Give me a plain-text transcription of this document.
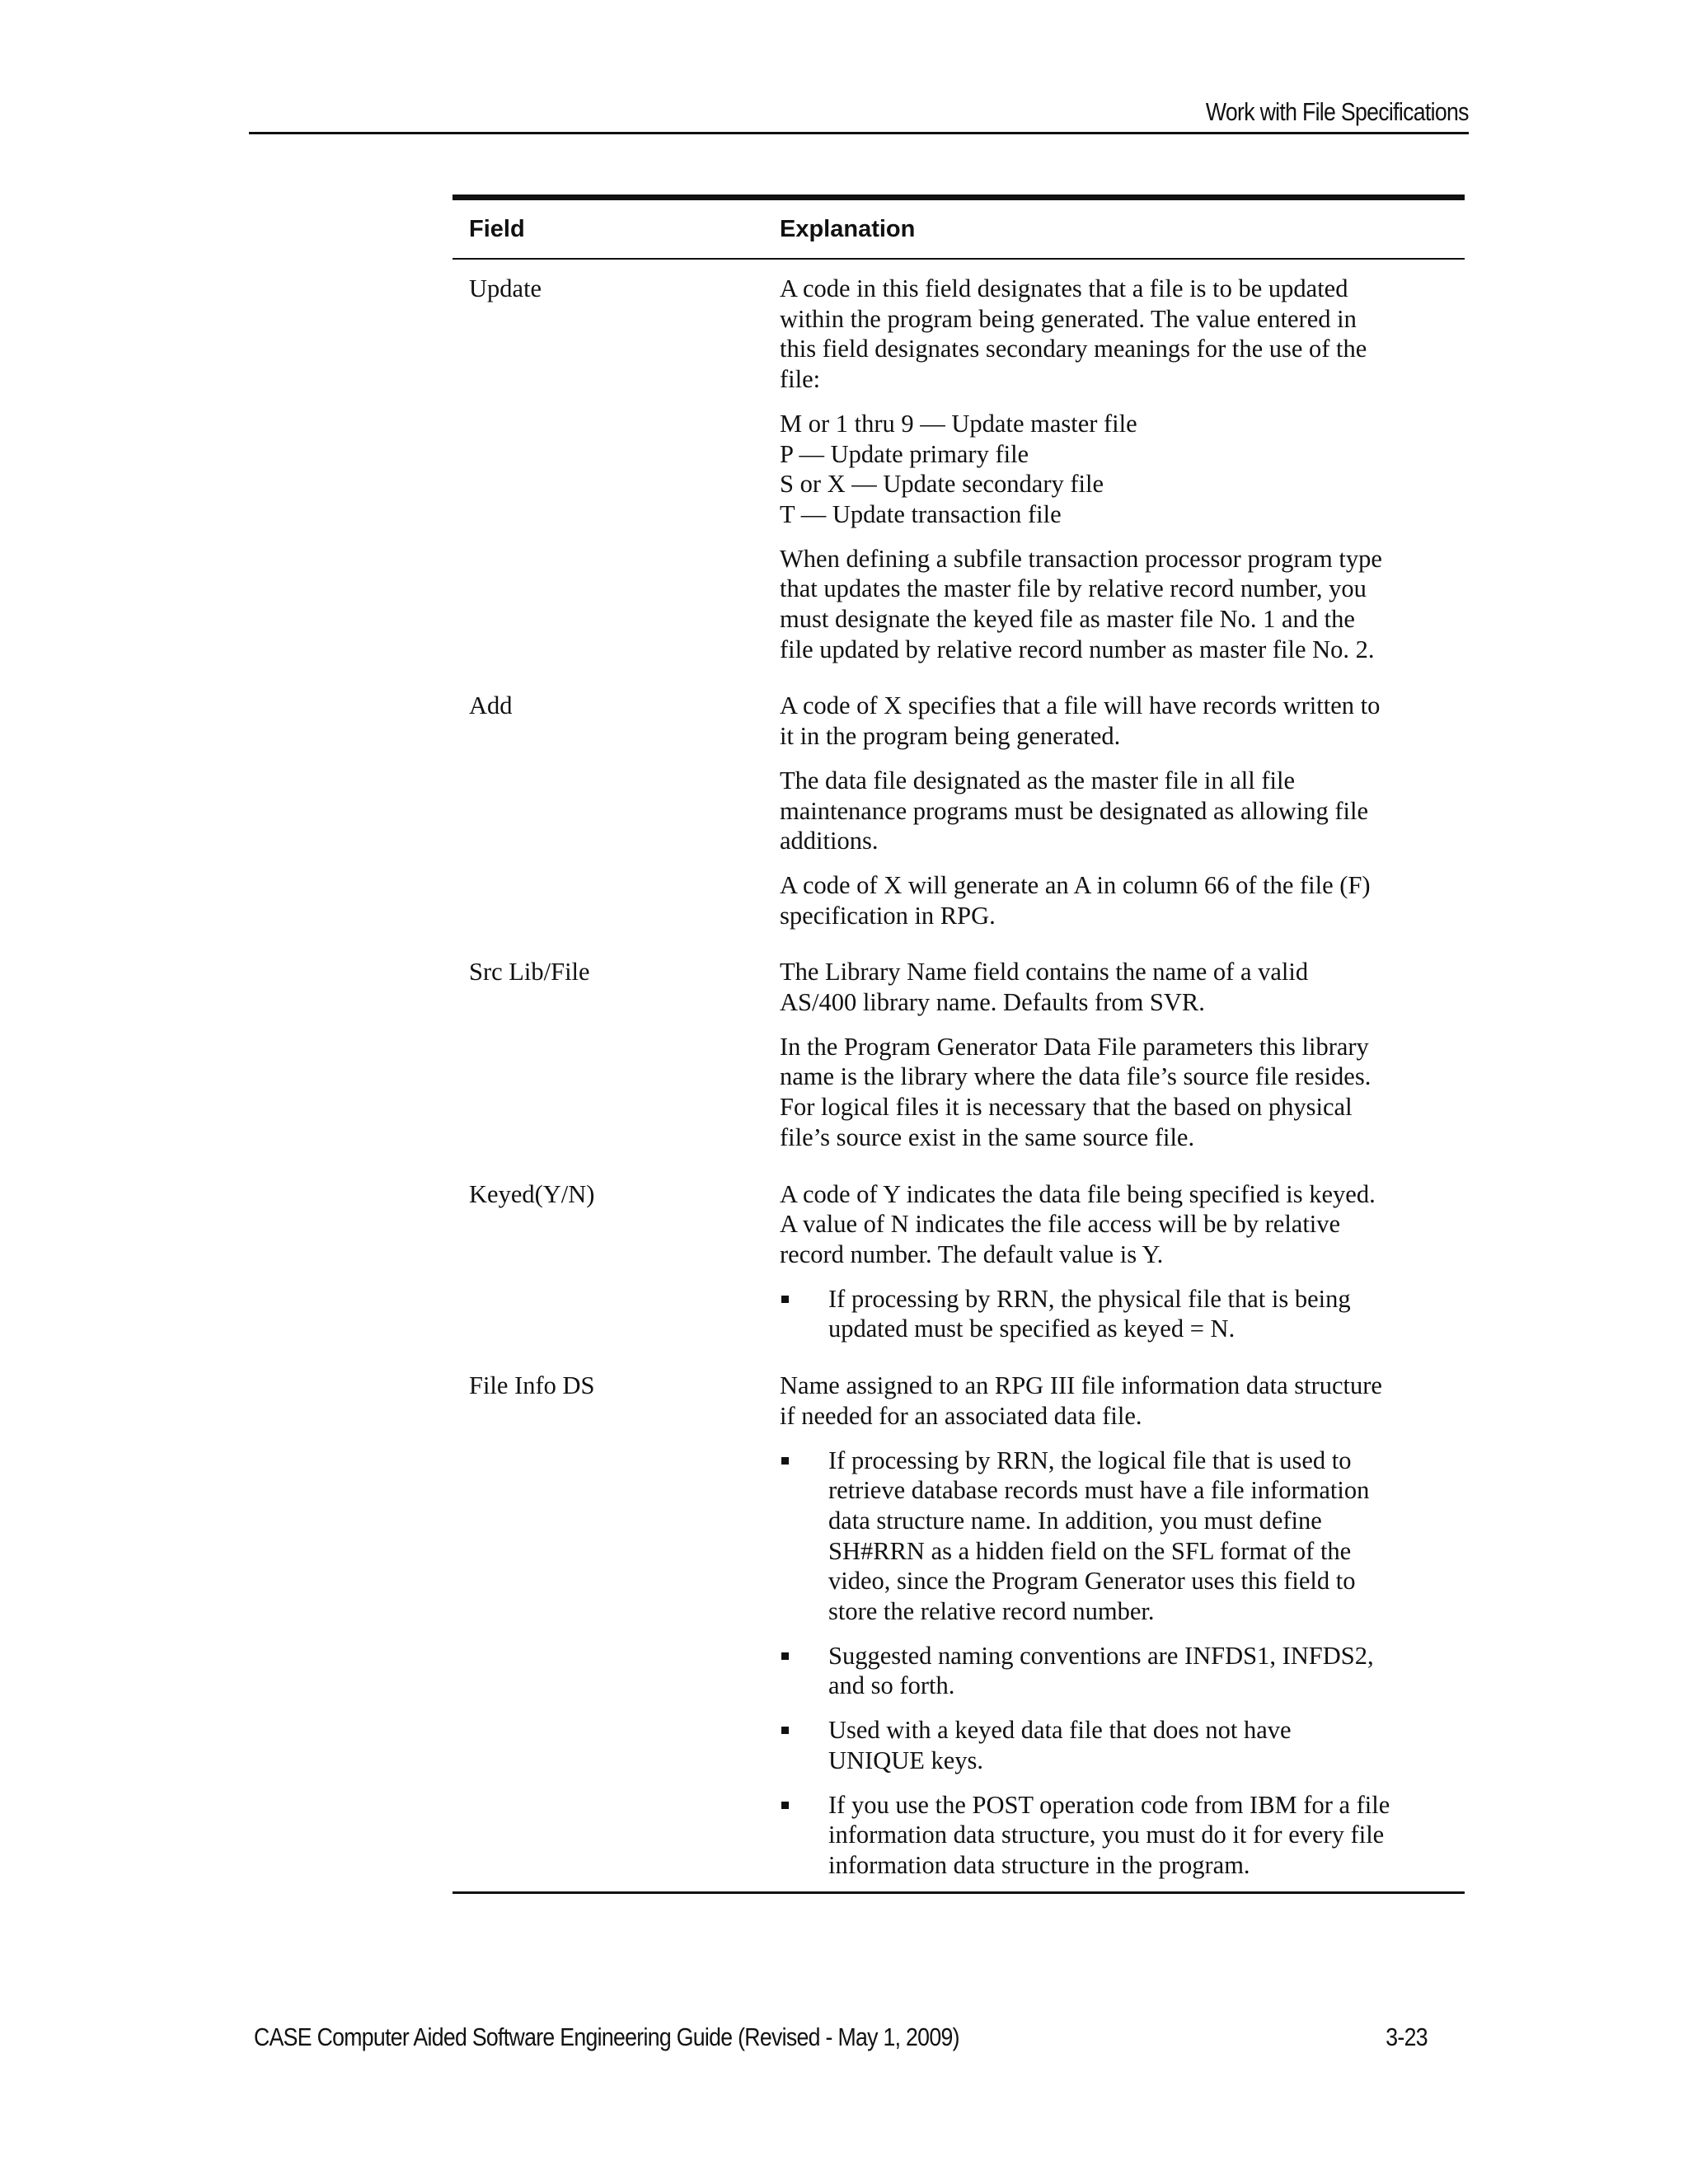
Work with File Specifications
Field	Explanation
Update	A code in this field designates that a file is to be updated
within the program being generated. The value entered in
this field designates secondary meanings for the use of the
file:
M or 1 thru 9 — Update master file
P — Update primary file
S or X — Update secondary file
T — Update transaction file
When defining a subfile transaction processor program type
that updates the master file by relative record number, you
must designate the keyed file as master file No. 1 and the
file updated by relative record number as master file No. 2.
Add	A code of X specifies that a file will have records written to
it in the program being generated.
The data file designated as the master file in all file
maintenance programs must be designated as allowing file
additions.
A code of X will generate an A in column 66 of the file (F)
specification in RPG.
Src Lib/File	The Library Name field contains the name of a valid
AS/400 library name. Defaults from SVR.
In the Program Generator Data File parameters this library
name is the library where the data file’s source file resides.
For logical files it is necessary that the based on physical
file’s source exist in the same source file.
Keyed(Y/N)	A code of Y indicates the data file being specified is keyed.
A value of N indicates the file access will be by relative
record number. The default value is Y.
If processing by RRN, the physical file that is being
updated must be specified as keyed = N.
File Info DS	Name assigned to an RPG III file information data structure
if needed for an associated data file.
If processing by RRN, the logical file that is used to
retrieve database records must have a file information
data structure name. In addition, you must define
SH#RRN as a hidden field on the SFL format of the
video, since the Program Generator uses this field to
store the relative record number.
Suggested naming conventions are INFDS1, INFDS2,
and so forth.
Used with a keyed data file that does not have
UNIQUE keys.
If you use the POST operation code from IBM for a file
information data structure, you must do it for every file
information data structure in the program.
CASE Computer Aided Software Engineering Guide (Revised - May 1, 2009)	3-23
